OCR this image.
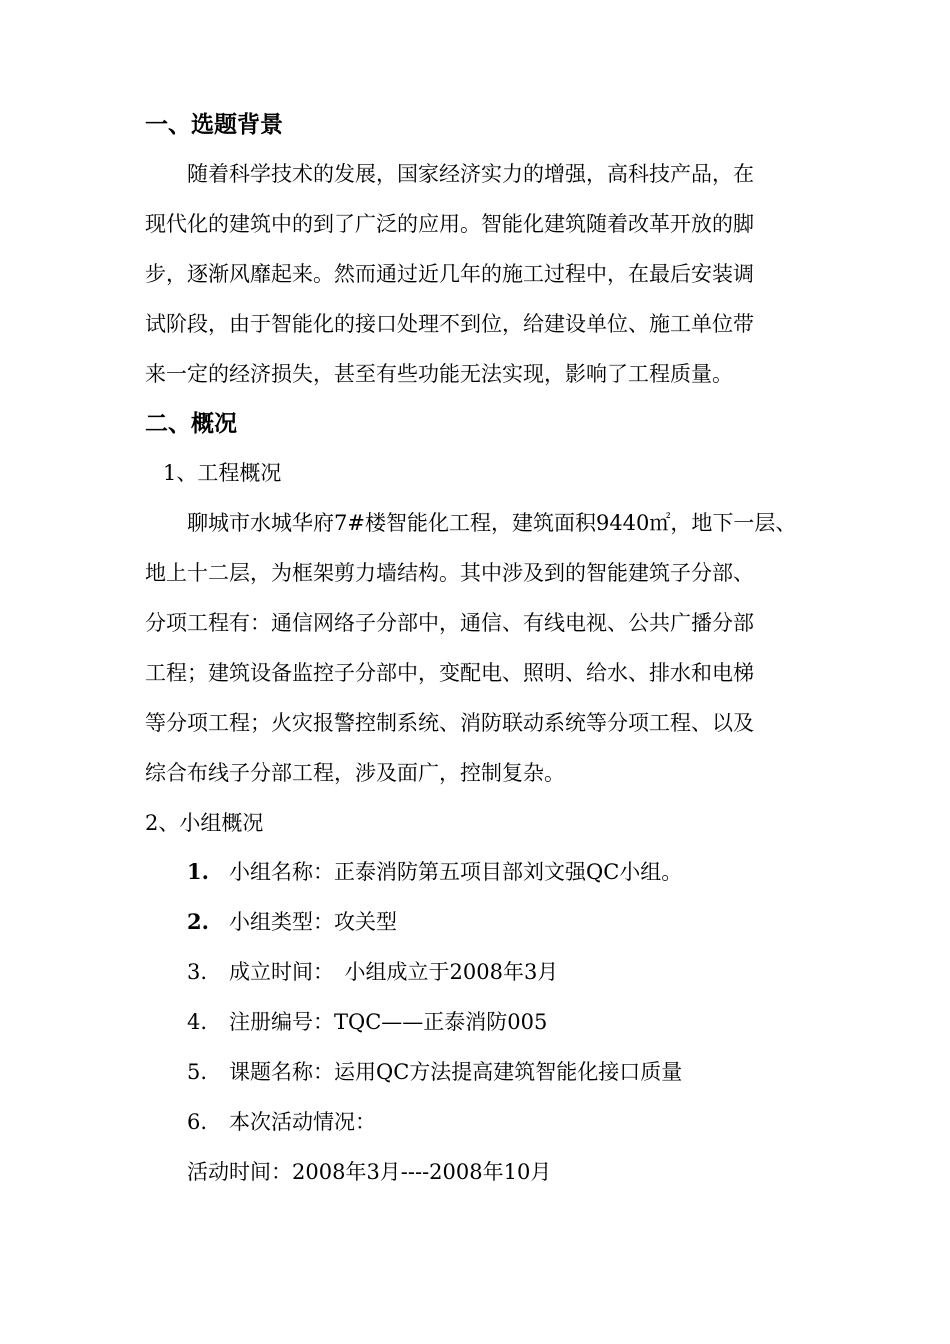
一、选题背景
　　随着科学技术的发展，国家经济实力的增强，高科技产品，在
现代化的建筑中的到了广泛的应用。智能化建筑随着改革开放的脚
步，逐渐风靡起来。然而通过近几年的施工过程中，在最后安装调
试阶段，由于智能化的接口处理不到位，给建设单位、施工单位带
来一定的经济损失，甚至有些功能无法实现，影响了工程质量。
二、概况
1、工程概况
　　聊城市水城华府7#楼智能化工程，建筑面积9440㎡，地下一层、
地上十二层，为框架剪力墙结构。其中涉及到的智能建筑子分部、
分项工程有：通信网络子分部中，通信、有线电视、公共广播分部
工程；建筑设备监控子分部中，变配电、照明、给水、排水和电梯
等分项工程；火灾报警控制系统、消防联动系统等分项工程、以及
综合布线子分部工程，涉及面广，控制复杂。
2、小组概况
1. 小组名称：正泰消防第五项目部刘文强QC小组。
2. 小组类型：攻关型
3. 成立时间：　小组成立于2008年3月
4. 注册编号：TQC——正泰消防005
5. 课题名称：运用QC方法提高建筑智能化接口质量
6. 本次活动情况：
活动时间：2008年3月----2008年10月
